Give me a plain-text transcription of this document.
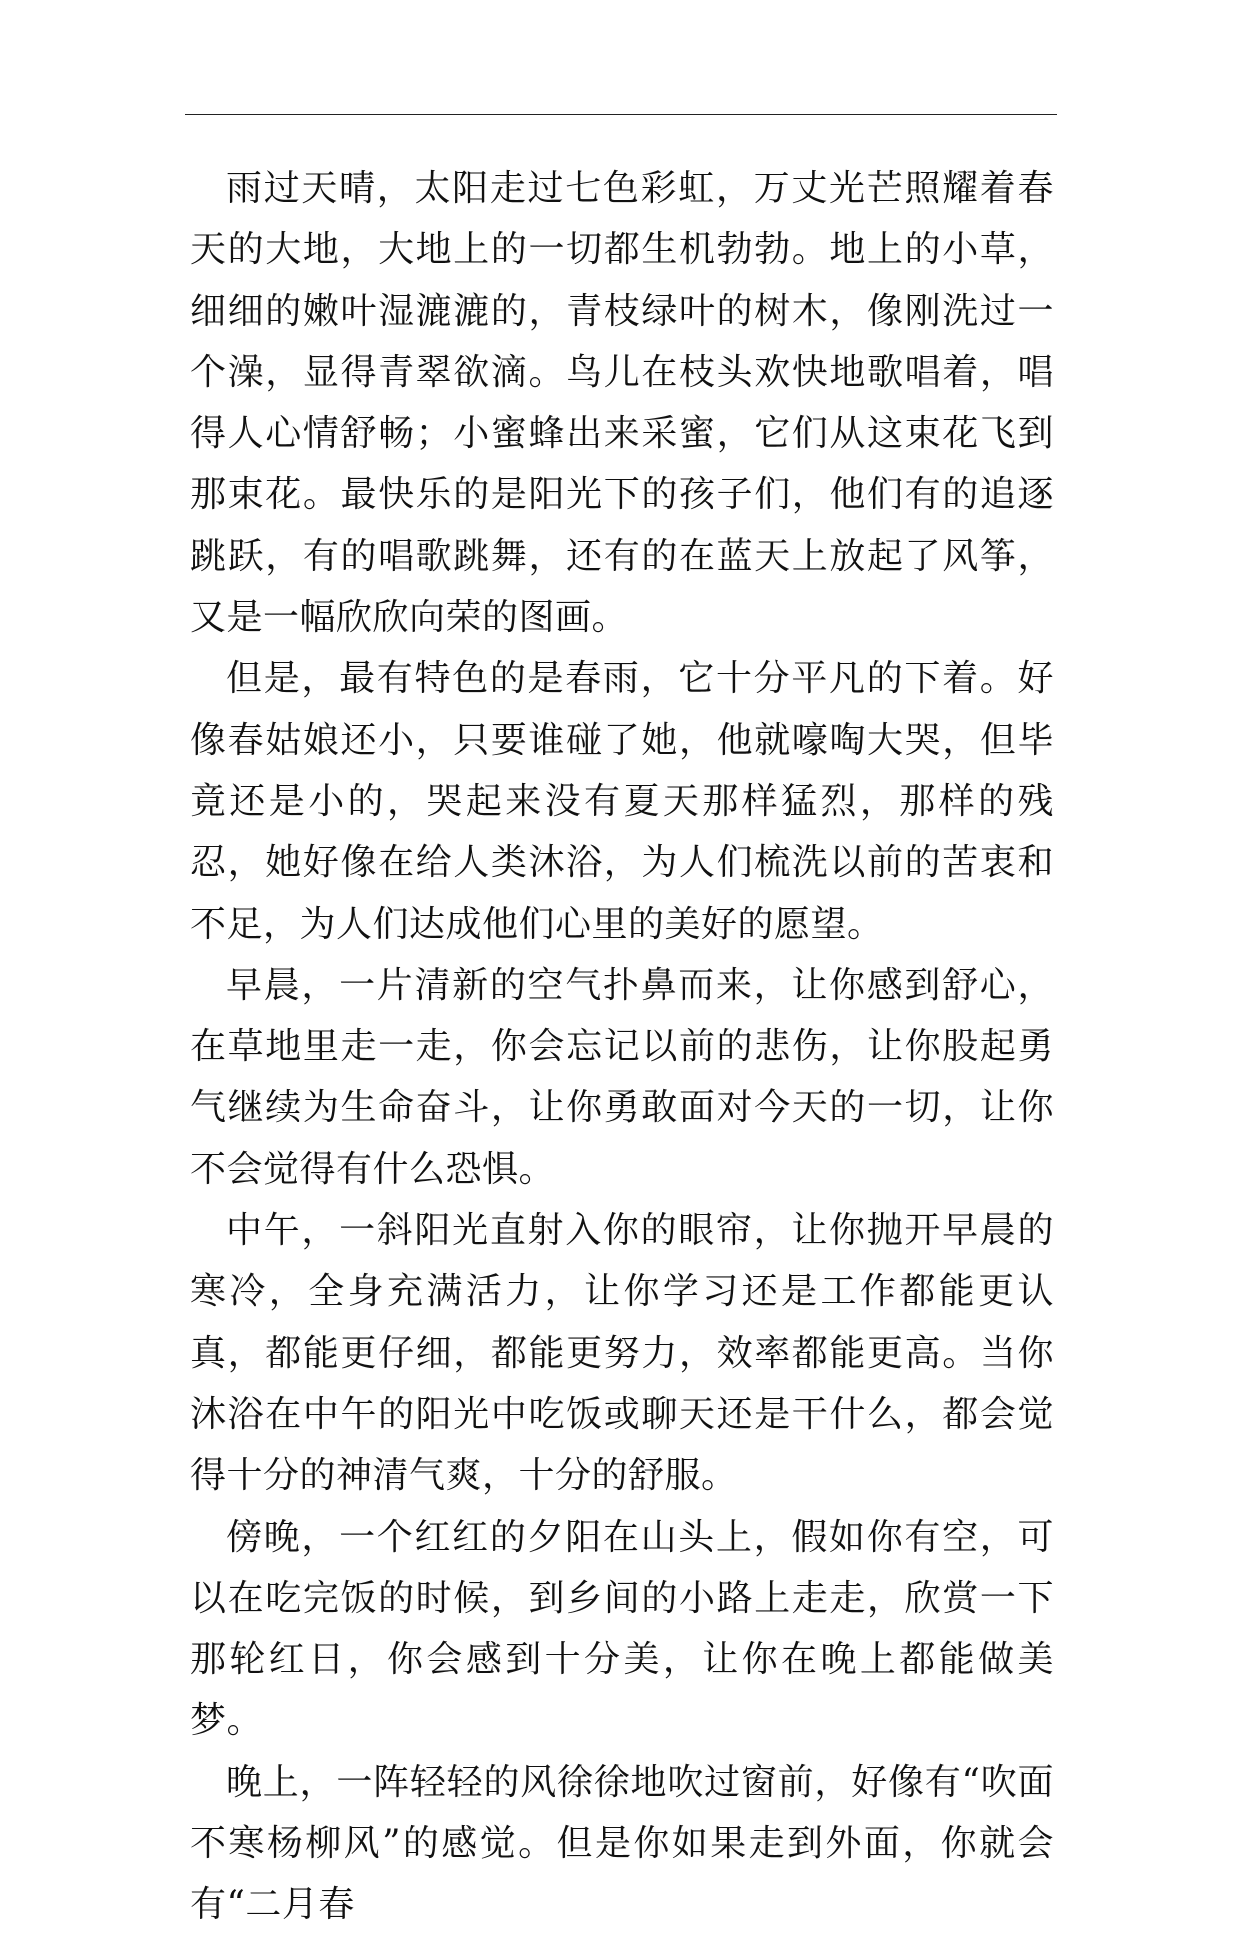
雨过天晴，太阳走过七色彩虹，万丈光芒照耀着春天的大地，大地上的一切都生机勃勃。地上的小草，细细的嫩叶湿漉漉的，青枝绿叶的树木，像刚洗过一个澡，显得青翠欲滴。鸟儿在枝头欢快地歌唱着，唱得人心情舒畅；小蜜蜂出来采蜜，它们从这束花飞到那束花。最快乐的是阳光下的孩子们，他们有的追逐跳跃，有的唱歌跳舞，还有的在蓝天上放起了风筝，又是一幅欣欣向荣的图画。

但是，最有特色的是春雨，它十分平凡的下着。好像春姑娘还小，只要谁碰了她，他就嚎啕大哭，但毕竟还是小的，哭起来没有夏天那样猛烈，那样的残忍，她好像在给人类沐浴，为人们梳洗以前的苦衷和不足，为人们达成他们心里的美好的愿望。

早晨，一片清新的空气扑鼻而来，让你感到舒心，在草地里走一走，你会忘记以前的悲伤，让你股起勇气继续为生命奋斗，让你勇敢面对今天的一切，让你不会觉得有什么恐惧。

中午，一斜阳光直射入你的眼帘，让你抛开早晨的寒冷，全身充满活力，让你学习还是工作都能更认真，都能更仔细，都能更努力，效率都能更高。当你沐浴在中午的阳光中吃饭或聊天还是干什么，都会觉得十分的神清气爽，十分的舒服。

傍晚，一个红红的夕阳在山头上，假如你有空，可以在吃完饭的时候，到乡间的小路上走走，欣赏一下那轮红日，你会感到十分美，让你在晚上都能做美梦。

晚上，一阵轻轻的风徐徐地吹过窗前，好像有“吹面不寒杨柳风”的感觉。但是你如果走到外面，你就会有“二月春
